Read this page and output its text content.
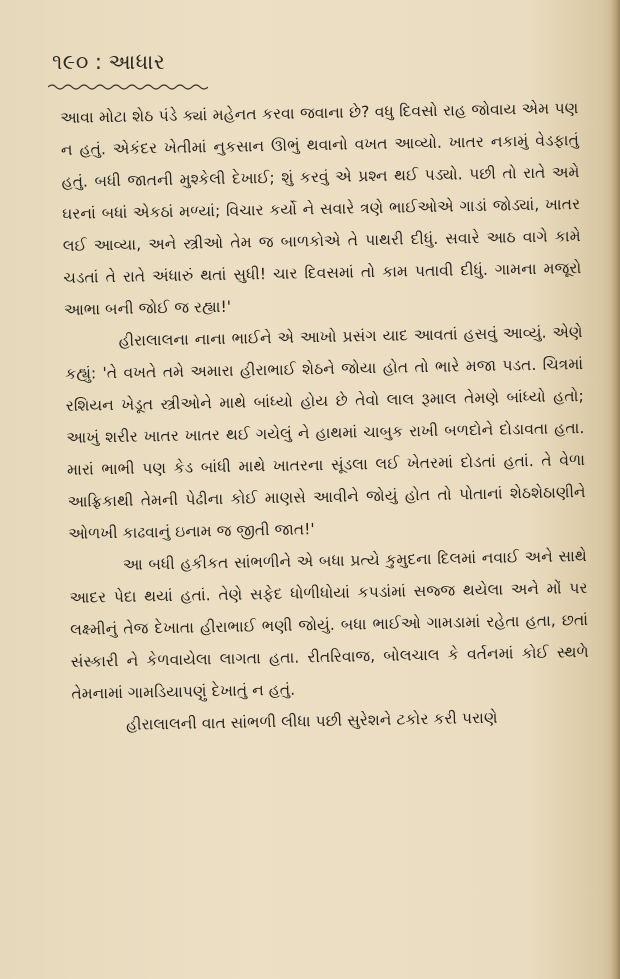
૧૯૦ : આધાર

આવા મોટા શેઠ પંડે ક્યાં મહેનત કરવા જવાના છે? વધુ દિવસો રાહ જોવાય એમ પણ ન હતું. એકંદર ખેતીમાં નુકસાન ઊભું થવાનો વખત આવ્યો. ખાતર નકામું વેડફાતું હતું. બધી જાતની મુશ્કેલી દેખાઈ; શું કરવું એ પ્રશ્ન થઈ પડ્યો. પછી તો રાતે અમે ઘરનાં બધાં એકઠાં મળ્યાં; વિચાર કર્યો ને સવારે ત્રણે ભાઈઓએ ગાડાં જોડ્યાં, ખાતર લઈ આવ્યા, અને સ્ત્રીઓ તેમ જ બાળકોએ તે પાથરી દીધું. સવારે આઠ વાગે કામે ચડતાં તે રાતે અંધારું થતાં સુધી! ચાર દિવસમાં તો કામ પતાવી દીધું. ગામના મજૂરો આભા બની જોઈ જ રહ્યા!'

હીરાલાલના નાના ભાઈને એ આખો પ્રસંગ યાદ આવતાં હસવું આવ્યું. એણે કહ્યું: 'તે વખતે તમે અમારા હીરાભાઈ શેઠને જોયા હોત તો ભારે મજા પડત. ચિત્રમાં રશિયન ખેડૂત સ્ત્રીઓને માથે બાંધ્યો હોય છે તેવો લાલ રૂમાલ તેમણે બાંધ્યો હતો; આખું શરીર ખાતર ખાતર થઈ ગયેલું ને હાથમાં ચાબુક રાખી બળદોને દોડાવતા હતા. મારાં ભાભી પણ કેડ બાંધી માથે ખાતરના સૂંડલા લઈ ખેતરમાં દોડતાં હતાં. તે વેળા આફ્રિકાથી તેમની પેઢીના કોઈ માણસે આવીને જોયું હોત તો પોતાનાં શેઠશેઠાણીને ઓળખી કાઢવાનું ઇનામ જ જીતી જાત!'

આ બધી હકીકત સાંભળીને એ બધા પ્રત્યે કુમુદના દિલમાં નવાઈ અને સાથે આદર પેદા થયાં હતાં. તેણે સફેદ ધોળીધોયાં કપડાંમાં સજ્જ થયેલા અને મોં પર લક્ષ્મીનું તેજ દેખાતા હીરાભાઈ ભણી જોયું. બધા ભાઈઓ ગામડામાં રહેતા હતા, છતાં સંસ્કારી ને કેળવાયેલા લાગતા હતા. રીતરિવાજ, બોલચાલ કે વર્તનમાં કોઈ સ્થળે તેમનામાં ગામડિયાપણું દેખાતું ન હતું.

હીરાલાલની વાત સાંભળી લીધા પછી સુરેશને ટકોર કરી પરાણે
